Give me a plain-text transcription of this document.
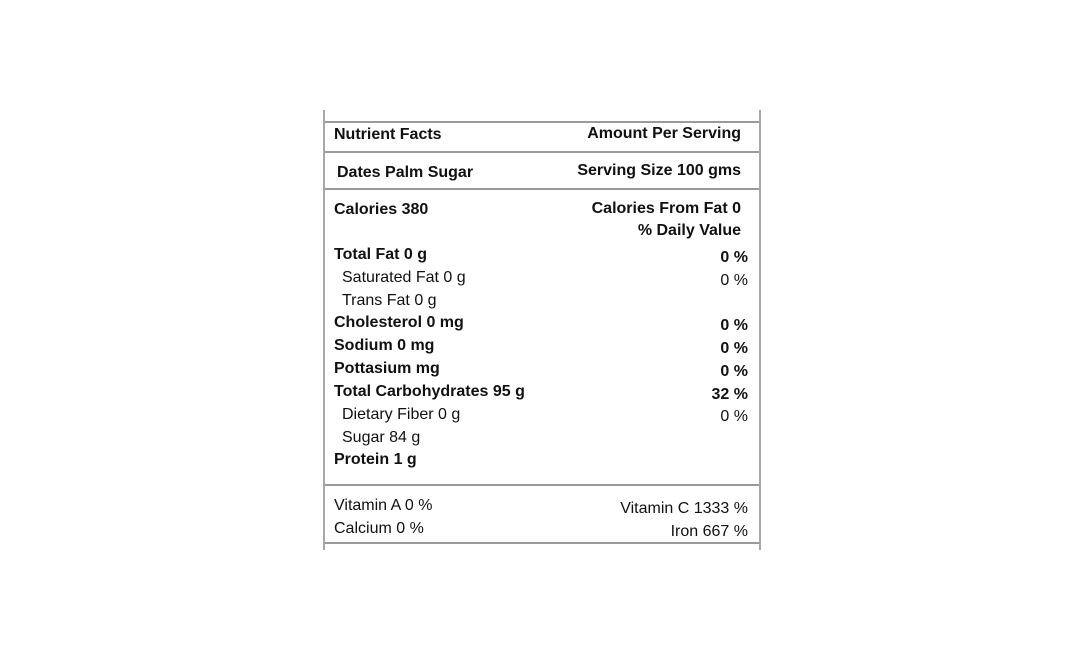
Nutrient Facts	Amount Per Serving
Dates Palm Sugar	Serving Size 100 gms
Calories 380	Calories From Fat 0
% Daily Value
Total Fat 0 g	0 %
Saturated Fat 0 g	0 %
Trans Fat 0 g
Cholesterol 0 mg	0 %
Sodium 0 mg	0 %
Pottasium mg	0 %
Total Carbohydrates 95 g	32 %
Dietary Fiber 0 g	0 %
Sugar 84 g
Protein 1 g
Vitamin A 0 %	Vitamin C 1333 %
Calcium 0 %	Iron 667 %
